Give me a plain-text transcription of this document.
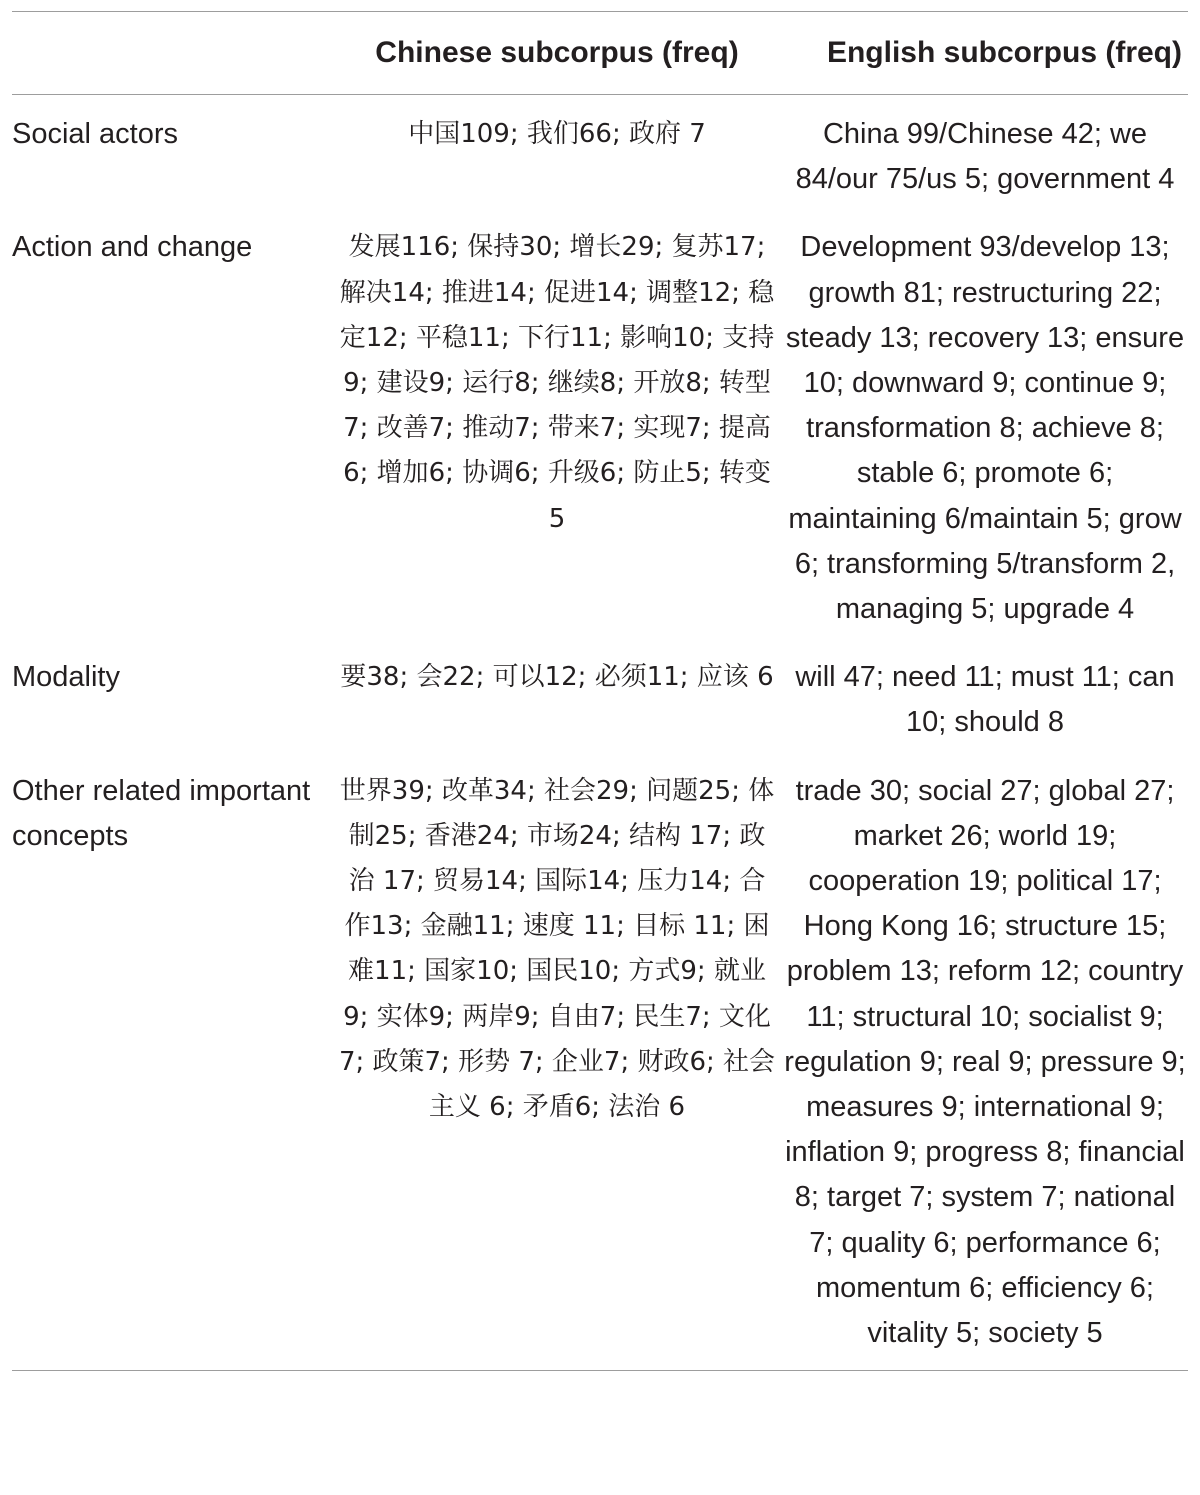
	Chinese subcorpus (freq)	English subcorpus (freq)
Social actors	中国109; 我们66; 政府 7	China 99/Chinese 42; we 84/our 75/us 5; government 4
Action and change	发展116; 保持30; 增长29; 复苏17; 解决14; 推进14; 促进14; 调整12; 稳定12; 平稳11; 下行11; 影响10; 支持9; 建设9; 运行8; 继续8; 开放8; 转型7; 改善7; 推动7; 带来7; 实现7; 提高6; 增加6; 协调6; 升级6; 防止5; 转变 5	Development 93/develop 13; growth 81; restructuring 22; steady 13; recovery 13; ensure 10; downward 9; continue 9; transformation 8; achieve 8; stable 6; promote 6; maintaining 6/maintain 5; grow 6; transforming 5/transform 2, managing 5; upgrade 4
Modality	要38; 会22; 可以12; 必须11; 应该 6	will 47; need 11; must 11; can 10; should 8
Other related important concepts	世界39; 改革34; 社会29; 问题25; 体制25; 香港24; 市场24; 结构 17; 政治 17; 贸易14; 国际14; 压力14; 合作13; 金融11; 速度 11; 目标 11; 困难11; 国家10; 国民10; 方式9; 就业9; 实体9; 两岸9; 自由7; 民生7; 文化7; 政策7; 形势 7; 企业7; 财政6; 社会主义 6; 矛盾6; 法治 6	trade 30; social 27; global 27; market 26; world 19; cooperation 19; political 17; Hong Kong 16; structure 15; problem 13; reform 12; country 11; structural 10; socialist 9; regulation 9; real 9; pressure 9; measures 9; international 9; inflation 9; progress 8; financial 8; target 7; system 7; national 7; quality 6; performance 6; momentum 6; efficiency 6; vitality 5; society 5
